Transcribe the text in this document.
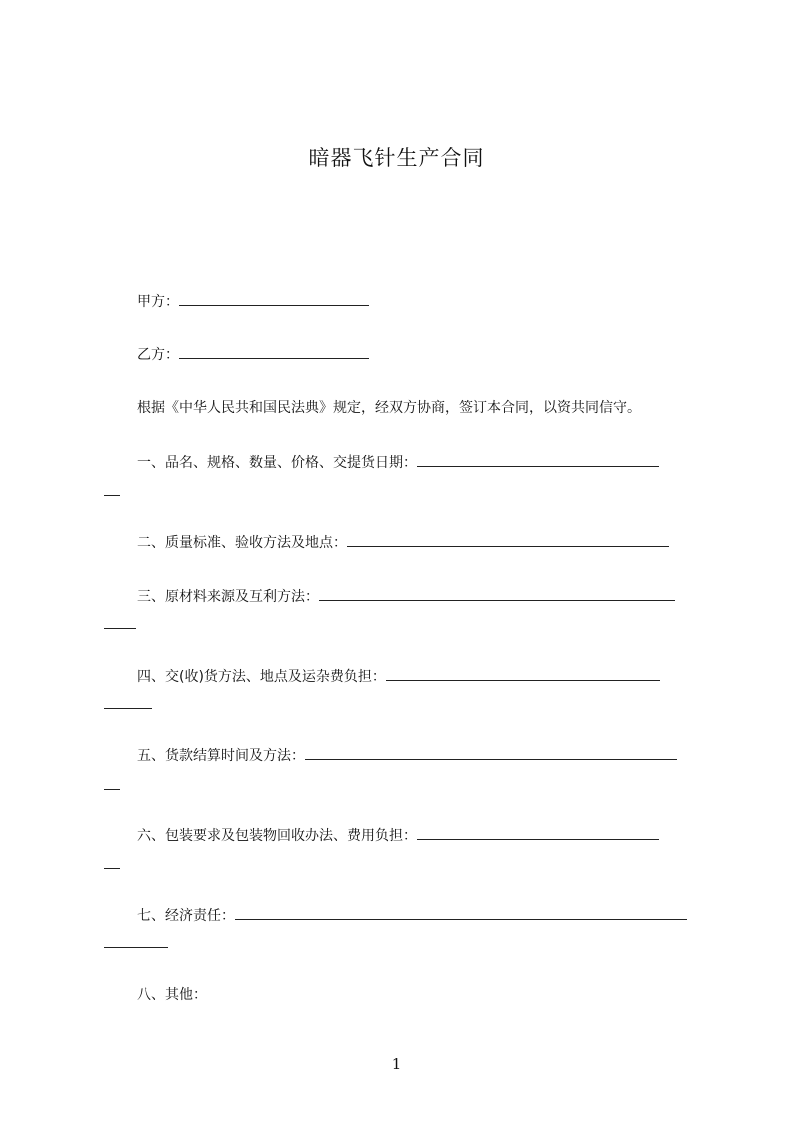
暗器飞针生产合同
甲方：
乙方：
根据《中华人民共和国民法典》规定，经双方协商，签订本合同，以资共同信守。
一、品名、规格、数量、价格、交提货日期：
二、质量标准、验收方法及地点：
三、原材料来源及互利方法：
四、交(收)货方法、地点及运杂费负担：
五、货款结算时间及方法：
六、包装要求及包装物回收办法、费用负担：
七、经济责任：
八、其他：
1
